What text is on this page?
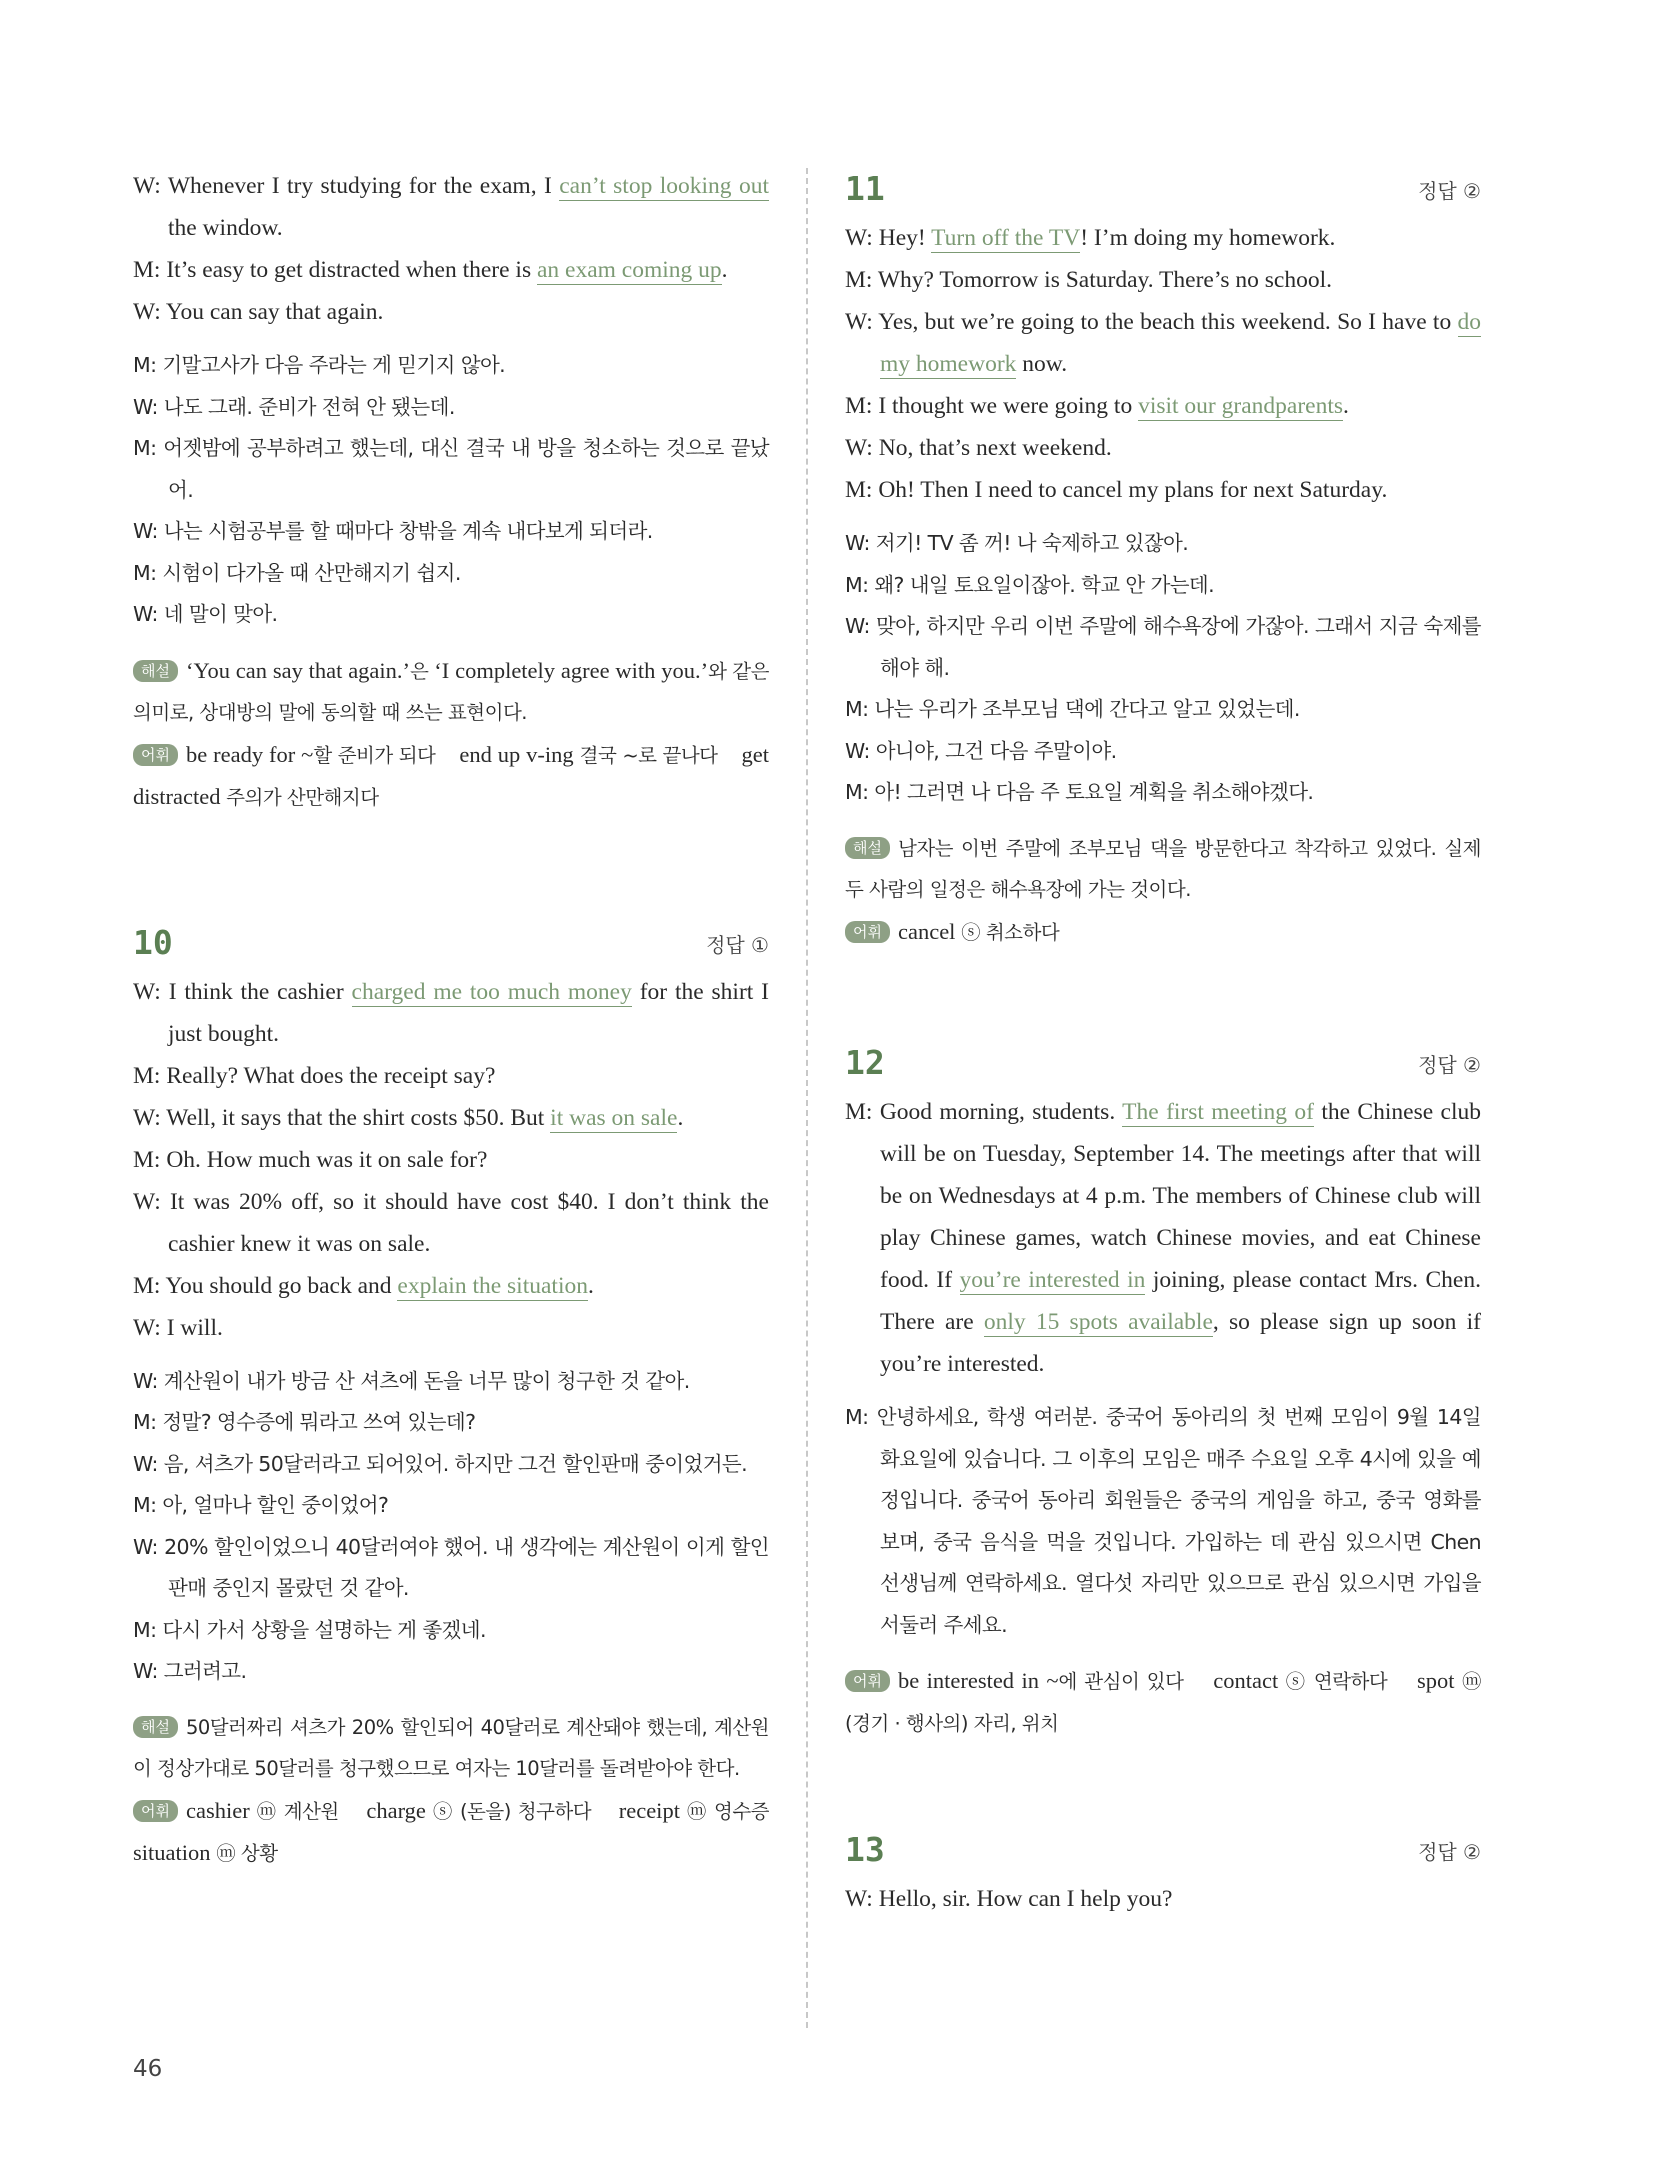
W: Whenever I try studying for the exam, I can’t stop looking out the window.
M: It’s easy to get distracted when there is an exam coming up.
W: You can say that again.
M: 기말고사가 다음 주라는 게 믿기지 않아.
W: 나도 그래. 준비가 전혀 안 됐는데.
M: 어젯밤에 공부하려고 했는데, 대신 결국 내 방을 청소하는 것으로 끝났어.
W: 나는 시험공부를 할 때마다 창밖을 계속 내다보게 되더라.
M: 시험이 다가올 때 산만해지기 쉽지.
W: 네 말이 맞아.

해설 ‘You can say that again.’은 ‘I completely agree with you.’와 같은 의미로, 상대방의 말에 동의할 때 쓰는 표현이다.

어휘 be ready for ~할 준비가 되다    end up v-ing 결국 ~로 끝나다    get distracted 주의가 산만해지다

10	정답 ①
W: I think the cashier charged me too much money for the shirt I just bought.
M: Really? What does the receipt say?
W: Well, it says that the shirt costs $50. But it was on sale.
M: Oh. How much was it on sale for?
W: It was 20% off, so it should have cost $40. I don’t think the cashier knew it was on sale.
M: You should go back and explain the situation.
W: I will.
W: 계산원이 내가 방금 산 셔츠에 돈을 너무 많이 청구한 것 같아.
M: 정말? 영수증에 뭐라고 쓰여 있는데?
W: 음, 셔츠가 50달러라고 되어있어. 하지만 그건 할인판매 중이었거든.
M: 아, 얼마나 할인 중이었어?
W: 20% 할인이었으니 40달러여야 했어. 내 생각에는 계산원이 이게 할인판매 중인지 몰랐던 것 같아.
M: 다시 가서 상황을 설명하는 게 좋겠네.
W: 그러려고.

해설 50달러짜리 셔츠가 20% 할인되어 40달러로 계산돼야 했는데, 계산원이 정상가대로 50달러를 청구했으므로 여자는 10달러를 돌려받아야 한다.

어휘 cashier ⓜ 계산원    charge ⓢ (돈을) 청구하다    receipt ⓜ 영수증    situation ⓜ 상황

11	정답 ②
W: Hey! Turn off the TV! I’m doing my homework.
M: Why? Tomorrow is Saturday. There’s no school.
W: Yes, but we’re going to the beach this weekend. So I have to do my homework now.
M: I thought we were going to visit our grandparents.
W: No, that’s next weekend.
M: Oh! Then I need to cancel my plans for next Saturday.
W: 저기! TV 좀 꺼! 나 숙제하고 있잖아.
M: 왜? 내일 토요일이잖아. 학교 안 가는데.
W: 맞아, 하지만 우리 이번 주말에 해수욕장에 가잖아. 그래서 지금 숙제를 해야 해.
M: 나는 우리가 조부모님 댁에 간다고 알고 있었는데.
W: 아니야, 그건 다음 주말이야.
M: 아! 그러면 나 다음 주 토요일 계획을 취소해야겠다.

해설 남자는 이번 주말에 조부모님 댁을 방문한다고 착각하고 있었다. 실제 두 사람의 일정은 해수욕장에 가는 것이다.

어휘 cancel ⓢ 취소하다

12	정답 ②
M: Good morning, students. The first meeting of the Chinese club will be on Tuesday, September 14. The meetings after that will be on Wednesdays at 4 p.m. The members of Chinese club will play Chinese games, watch Chinese movies, and eat Chinese food. If you’re interested in joining, please contact Mrs. Chen. There are only 15 spots available, so please sign up soon if you’re interested.
M: 안녕하세요, 학생 여러분. 중국어 동아리의 첫 번째 모임이 9월 14일 화요일에 있습니다. 그 이후의 모임은 매주 수요일 오후 4시에 있을 예정입니다. 중국어 동아리 회원들은 중국의 게임을 하고, 중국 영화를 보며, 중국 음식을 먹을 것입니다. 가입하는 데 관심 있으시면 Chen 선생님께 연락하세요. 열다섯 자리만 있으므로 관심 있으시면 가입을 서둘러 주세요.

어휘 be interested in ~에 관심이 있다    contact ⓢ 연락하다    spot ⓜ (경기 · 행사의) 자리, 위치

13	정답 ②
W: Hello, sir. How can I help you?
46
